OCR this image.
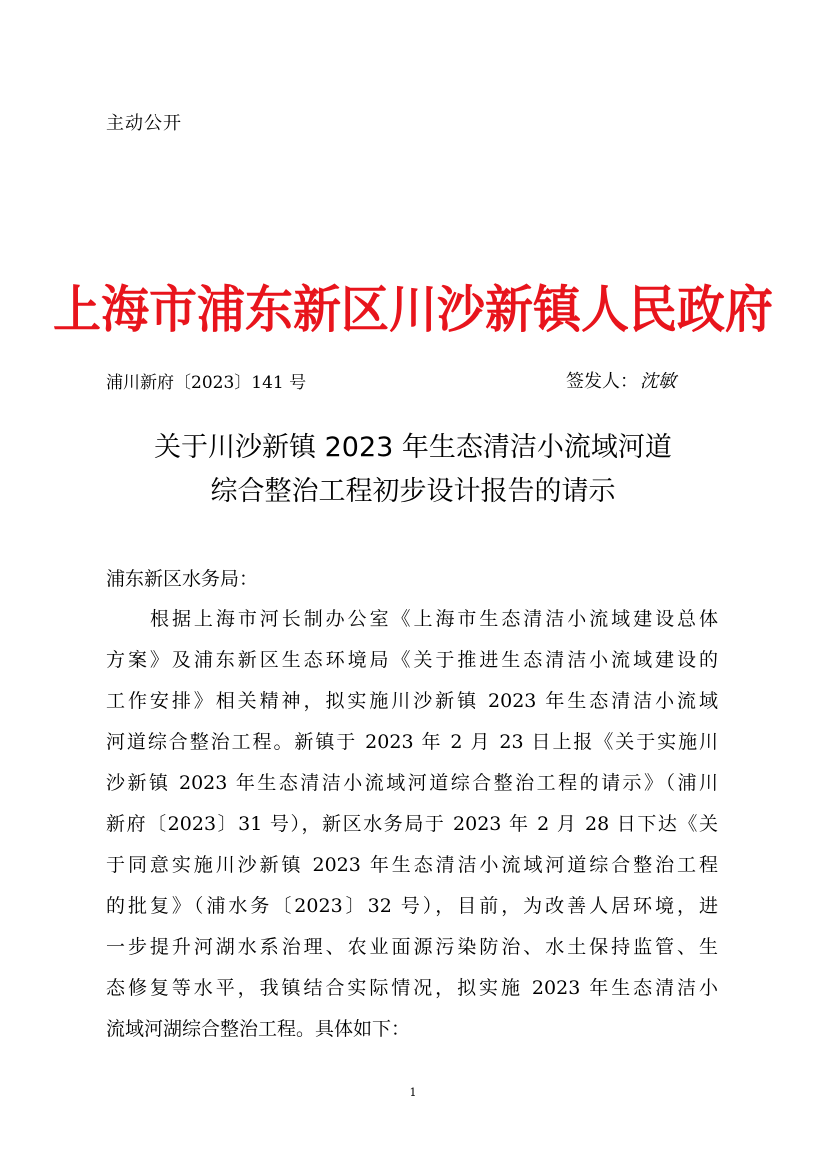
主动公开
上海市浦东新区川沙新镇人民政府
浦川新府〔2023〕141 号	签发人： 沈敏
关于川沙新镇 2023 年生态清洁小流域河道
综合整治工程初步设计报告的请示
浦东新区水务局：
根据上海市河长制办公室《上海市生态清洁小流域建设总体
方案》及浦东新区生态环境局《关于推进生态清洁小流域建设的
工作安排》相关精神，拟实施川沙新镇 2023 年生态清洁小流域
河道综合整治工程。新镇于 2023 年 2 月 23 日上报《关于实施川
沙新镇 2023 年生态清洁小流域河道综合整治工程的请示》（浦川
新府〔2023〕31 号），新区水务局于 2023 年 2 月 28 日下达《关
于同意实施川沙新镇 2023 年生态清洁小流域河道综合整治工程
的批复》（浦水务〔2023〕32 号），目前，为改善人居环境，进
一步提升河湖水系治理、农业面源污染防治、水土保持监管、生
态修复等水平，我镇结合实际情况，拟实施 2023 年生态清洁小
流域河湖综合整治工程。具体如下：
1
